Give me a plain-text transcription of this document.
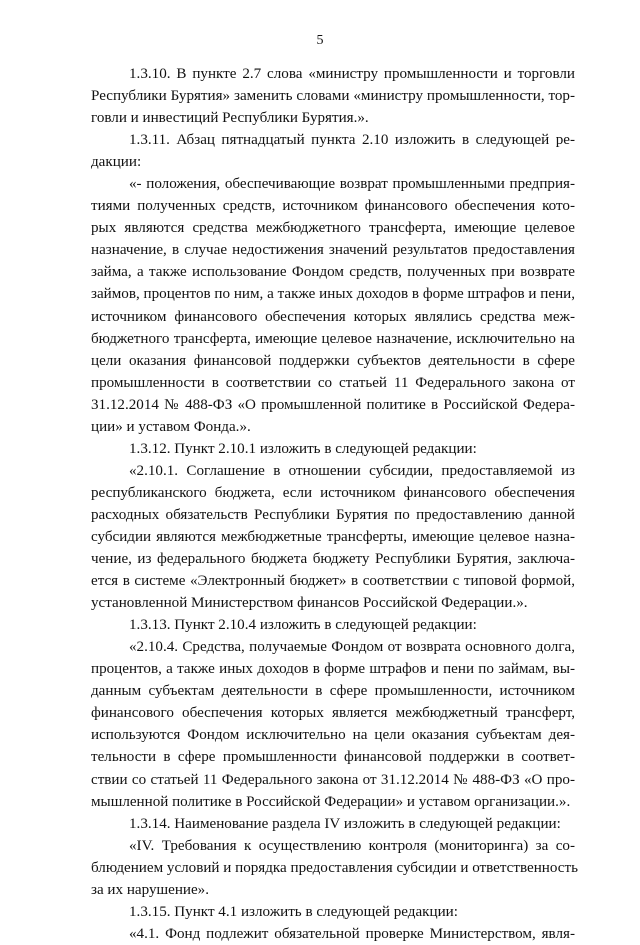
5
1.3.10. В пункте 2.7 слова «министру промышленности и торговли
Республики Бурятия» заменить словами «министру промышленности, тор-
говли и инвестиций Республики Бурятия.».
1.3.11. Абзац пятнадцатый пункта 2.10 изложить в следующей ре-
дакции:
«- положения, обеспечивающие возврат промышленными предприя-
тиями полученных средств, источником финансового обеспечения кото-
рых являются средства межбюджетного трансферта, имеющие целевое
назначение, в случае недостижения значений результатов предоставления
займа, а также использование Фондом средств, полученных при возврате
займов, процентов по ним, а также иных доходов в форме штрафов и пени,
источником финансового обеспечения которых являлись средства меж-
бюджетного трансферта, имеющие целевое назначение, исключительно на
цели оказания финансовой поддержки субъектов деятельности в сфере
промышленности в соответствии со статьей 11 Федерального закона от
31.12.2014 № 488-ФЗ «О промышленной политике в Российской Федера-
ции» и уставом Фонда.».
1.3.12. Пункт 2.10.1 изложить в следующей редакции:
«2.10.1. Соглашение в отношении субсидии, предоставляемой из
республиканского бюджета, если источником финансового обеспечения
расходных обязательств Республики Бурятия по предоставлению данной
субсидии являются межбюджетные трансферты, имеющие целевое назна-
чение, из федерального бюджета бюджету Республики Бурятия, заключа-
ется в системе «Электронный бюджет» в соответствии с типовой формой,
установленной Министерством финансов Российской Федерации.».
1.3.13. Пункт 2.10.4 изложить в следующей редакции:
«2.10.4. Средства, получаемые Фондом от возврата основного долга,
процентов, а также иных доходов в форме штрафов и пени по займам, вы-
данным субъектам деятельности в сфере промышленности, источником
финансового обеспечения которых является межбюджетный трансферт,
используются Фондом исключительно на цели оказания субъектам дея-
тельности в сфере промышленности финансовой поддержки в соответ-
ствии со статьей 11 Федерального закона от 31.12.2014 № 488-ФЗ «О про-
мышленной политике в Российской Федерации» и уставом организации.».
1.3.14. Наименование раздела IV изложить в следующей редакции:
«IV. Требования к осуществлению контроля (мониторинга) за со-
блюдением условий и порядка предоставления субсидии и ответственность
за их нарушение».
1.3.15. Пункт 4.1 изложить в следующей редакции:
«4.1. Фонд подлежит обязательной проверке Министерством, явля-
